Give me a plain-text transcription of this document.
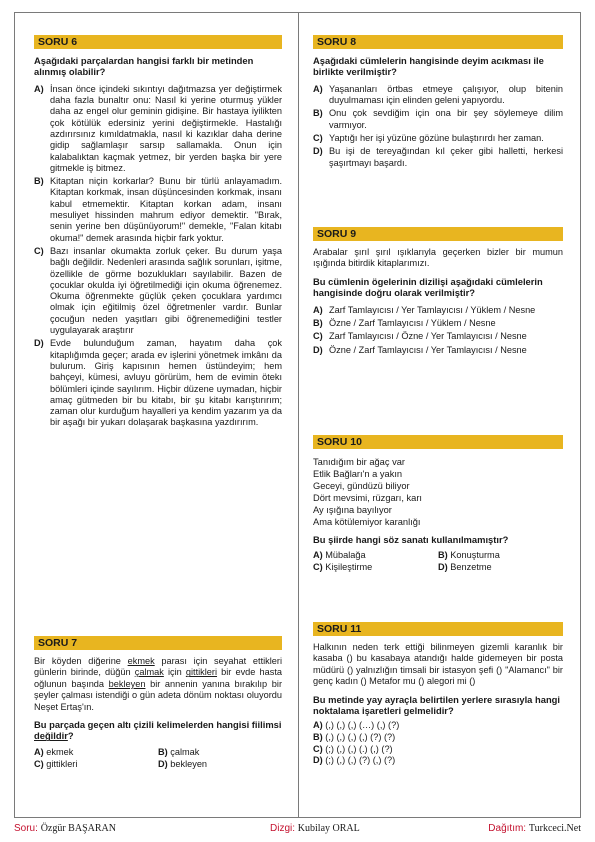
SORU 6
Aşağıdaki parçalardan hangisi farklı bir metinden alınmış olabilir?
A) İnsan önce içindeki sıkıntıyı dağıtmazsa yer değiştirmek daha fazla bunaltır onu: Nasıl ki yerine oturmuş yükler daha az engel olur geminin gidişine. Bir hastaya iyilikten çok kötülük edersiniz yerini değiştirmekle. Hastalığı azdırırsınız kımıldatmakla, nasıl ki kazıklar daha derine gidip sağlamlaşır sarsıp sallamakla. Onun için kalabalıktan kaçmak yetmez, bir yerden başka bir yere gitmekle iş bitmez.
B) Kitaptan niçin korkarlar? Bunu bir türlü anlayamadım. Kitaptan korkmak, insan düşüncesinden korkmak, insanı kabul etmemektir. Kitaptan korkan adam, insanı mesuliyet hissinden mahrum ediyor demektir. "Bırak, senin yerine ben düşünüyorum!" demekle, "Falan kitabı okuma!" demek arasında hiçbir fark yoktur.
C) Bazı insanlar okumakta zorluk çeker. Bu durum yaşa bağlı değildir. Nedenleri arasında sağlık sorunları, işitme, özellikle de görme bozuklukları sayılabilir. Bazen de çocuklar okulda iyi öğretilmediği için okuma öğrenemez. Okuma öğrenmekte güçlük çeken çocuklara yardımcı olmak için eğitilmiş özel öğretmenler vardır. Bunlar çocuğun neden yaşıtları gibi öğrenemediğini testler uygulayarak araştırır
D) Evde bulunduğum zaman, hayatım daha çok kitaplığımda geçer; arada ev işlerini yönetmek imkânı da bulurum. Giriş kapısının hemen üstündeyim; hem bahçeyi, kümesi, avluyu görürüm, hem de evimin ötekı bölümleri içinde sayılırım. Hiçbir düzene uymadan, hiçbir amaç gütmeden bir bu kitabı, bir şu kitabı karıştırırım; zaman olur kurduğum hayalleri ya kendim yazarım ya da bir aşağı bir yukarı dolaşarak başkasına yazdırırım.
SORU 7
Bir köyden diğerine ekmek parası için seyahat ettikleri günlerin birinde, düğün çalmak için gittikleri bir evde hasta oğlunun başında bekleyen bir annenin yanına bırakılıp bir şeyler çalması istendiği o gün adeta dönüm noktası oluyordu Neşet Ertaş'ın.
Bu parçada geçen altı çizili kelimelerden hangisi fiilimsi değildir?
A) ekmek	B) çalmak
C) gittikleri	D) bekleyen
SORU 8
Aşağıdaki cümlelerin hangisinde deyim acıkması ile birlikte verilmiştir?
A) Yaşananları örtbas etmeye çalışıyor, olup bitenin duyulmaması için elinden geleni yapıyordu.
B) Onu çok sevdiğim için ona bir şey söylemeye dilim varmıyor.
C) Yaptığı her işi yüzüne gözüne bulaştırırdı her zaman.
D) Bu işi de tereyağından kıl çeker gibi halletti, herkesi şaşırtmayı başardı.
SORU 9
Arabalar şırıl şırıl ışıklarıyla geçerken bizler bir mumun ışığında bitirdik kitaplarımızı.
Bu cümlenin ögelerinin dizilişi aşağıdaki cümlelerin hangisinde doğru olarak verilmiştir?
A) Zarf Tamlayıcısı / Yer Tamlayıcısı / Yüklem / Nesne
B) Özne / Zarf Tamlayıcısı / Yüklem / Nesne
C) Zarf Tamlayıcısı / Özne / Yer Tamlayıcısı / Nesne
D) Özne / Zarf Tamlayıcısı / Yer Tamlayıcısı / Nesne
SORU 10
Tanıdığım bir ağaç var
Etlik Bağları'n a yakın
Geceyi, gündüzü biliyor
Dört mevsimi, rüzgarı, karı
Ay ışığına bayılıyor
Ama kötülemiyor karanlığı
Bu şiirde hangi söz sanatı kullanılmamıştır?
A) Mübalağa	B) Konuşturma
C) Kişileştirme	D) Benzetme
SORU 11
Halkının neden terk ettiği bilinmeyen gizemli karanlık bir kasaba () bu kasabaya atandığı halde gidemeyen bir posta müdürü () yalnızlığın timsali bir istasyon şefi () "Alamancı" bir genç kadın () Metafor mu () alegori mi ()
Bu metinde yay ayraçla belirtilen yerlere sırasıyla hangi noktalama işaretleri gelmelidir?
A) (,) (,) (,) (…) (,) (?)
B) (,) (,) (,) (,) (?) (?)
C) (;) (,) (,) (.) (,) (?)
D) (;) (,) (,) (?) (,) (?)
Soru: Özgür BAŞARAN	Dizgi: Kubilay ORAL	Dağıtım: Turkceci.Net
